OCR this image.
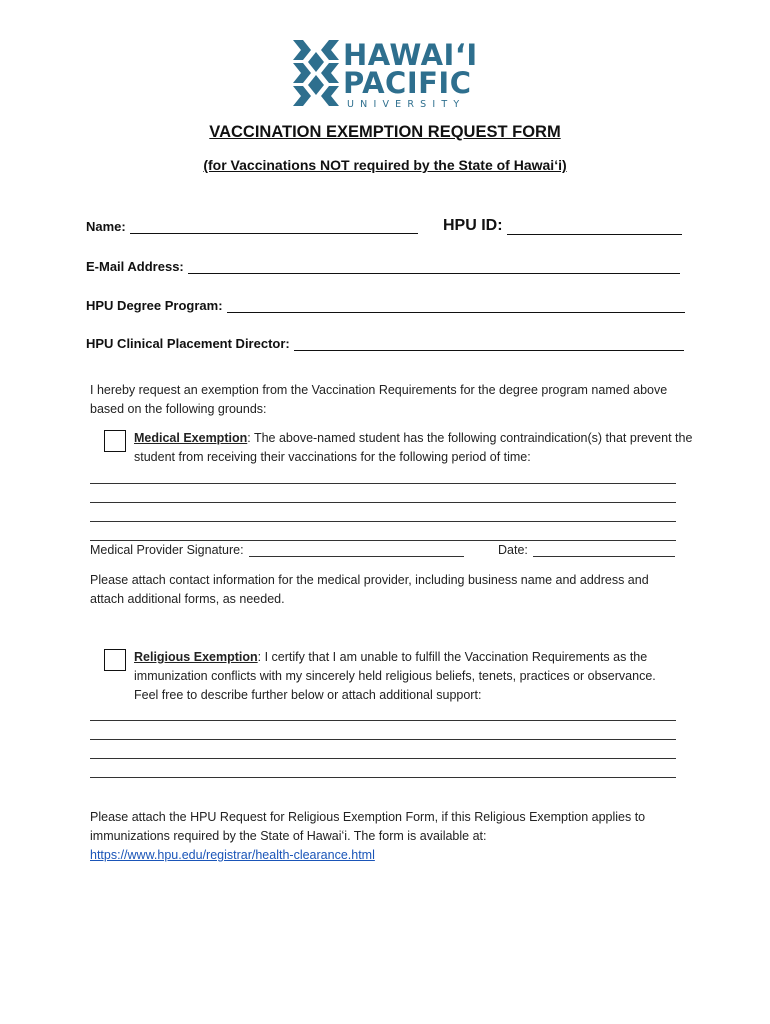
HAWAIʻI
PACIFIC
UNIVERSITY
VACCINATION EXEMPTION REQUEST FORM
(for Vaccinations NOT required by the State of Hawai‘i)
Name:	HPU ID:
E-Mail Address:
HPU Degree Program:
HPU Clinical Placement Director:
I hereby request an exemption from the Vaccination Requirements for the degree program named above based on the following grounds:
Medical Exemption: The above-named student has the following contraindication(s) that prevent the student from receiving their vaccinations for the following period of time:
Medical Provider Signature:	Date:
Please attach contact information for the medical provider, including business name and address and attach additional forms, as needed.
Religious Exemption: I certify that I am unable to fulfill the Vaccination Requirements as the immunization conflicts with my sincerely held religious beliefs, tenets, practices or observance. Feel free to describe further below or attach additional support:
Please attach the HPU Request for Religious Exemption Form, if this Religious Exemption applies to immunizations required by the State of Hawaiʻi. The form is available at:
https://www.hpu.edu/registrar/health-clearance.html
